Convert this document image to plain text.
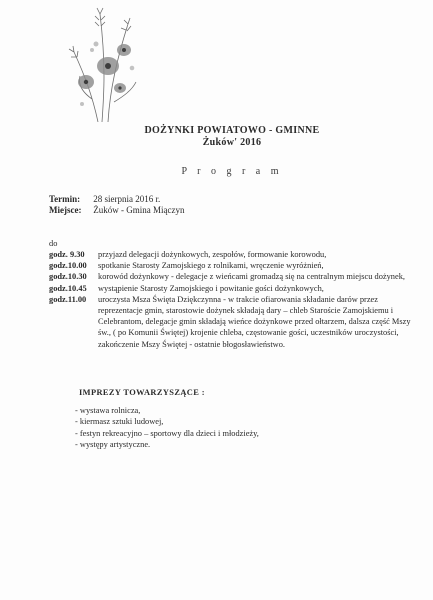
DOŻYNKI POWIATOWO - GMINNE
Żuków' 2016
P r o g r a m
Termin: 28 sierpnia 2016 r.
Miejsce: Żuków - Gmina Miączyn
do
godz. 9.30	przyjazd delegacji dożynkowych, zespołów, formowanie korowodu,
godz.10.00	spotkanie Starosty Zamojskiego z rolnikami, wręczenie wyróżnień,
godz.10.30	korowód dożynkowy - delegacje z wieńcami gromadzą się na centralnym miejscu dożynek,
godz.10.45	wystąpienie Starosty Zamojskiego i powitanie gości dożynkowych,
godz.11.00	uroczysta Msza Święta Dziękczynna - w trakcie ofiarowania składanie darów przez reprezentacje gmin, starostowie dożynek składają dary – chleb Staroście Zamojskiemu i Celebrantom, delegacje gmin składają wieńce dożynkowe przed ołtarzem, dalsza część Mszy św., ( po Komunii Świętej) krojenie chleba, częstowanie gości, uczestników uroczystości, zakończenie Mszy Świętej - ostatnie błogosławieństwo.
IMPREZY TOWARZYSZĄCE :
- wystawa rolnicza,
- kiermasz sztuki ludowej,
- festyn rekreacyjno – sportowy dla dzieci i młodzieży,
- występy artystyczne.
